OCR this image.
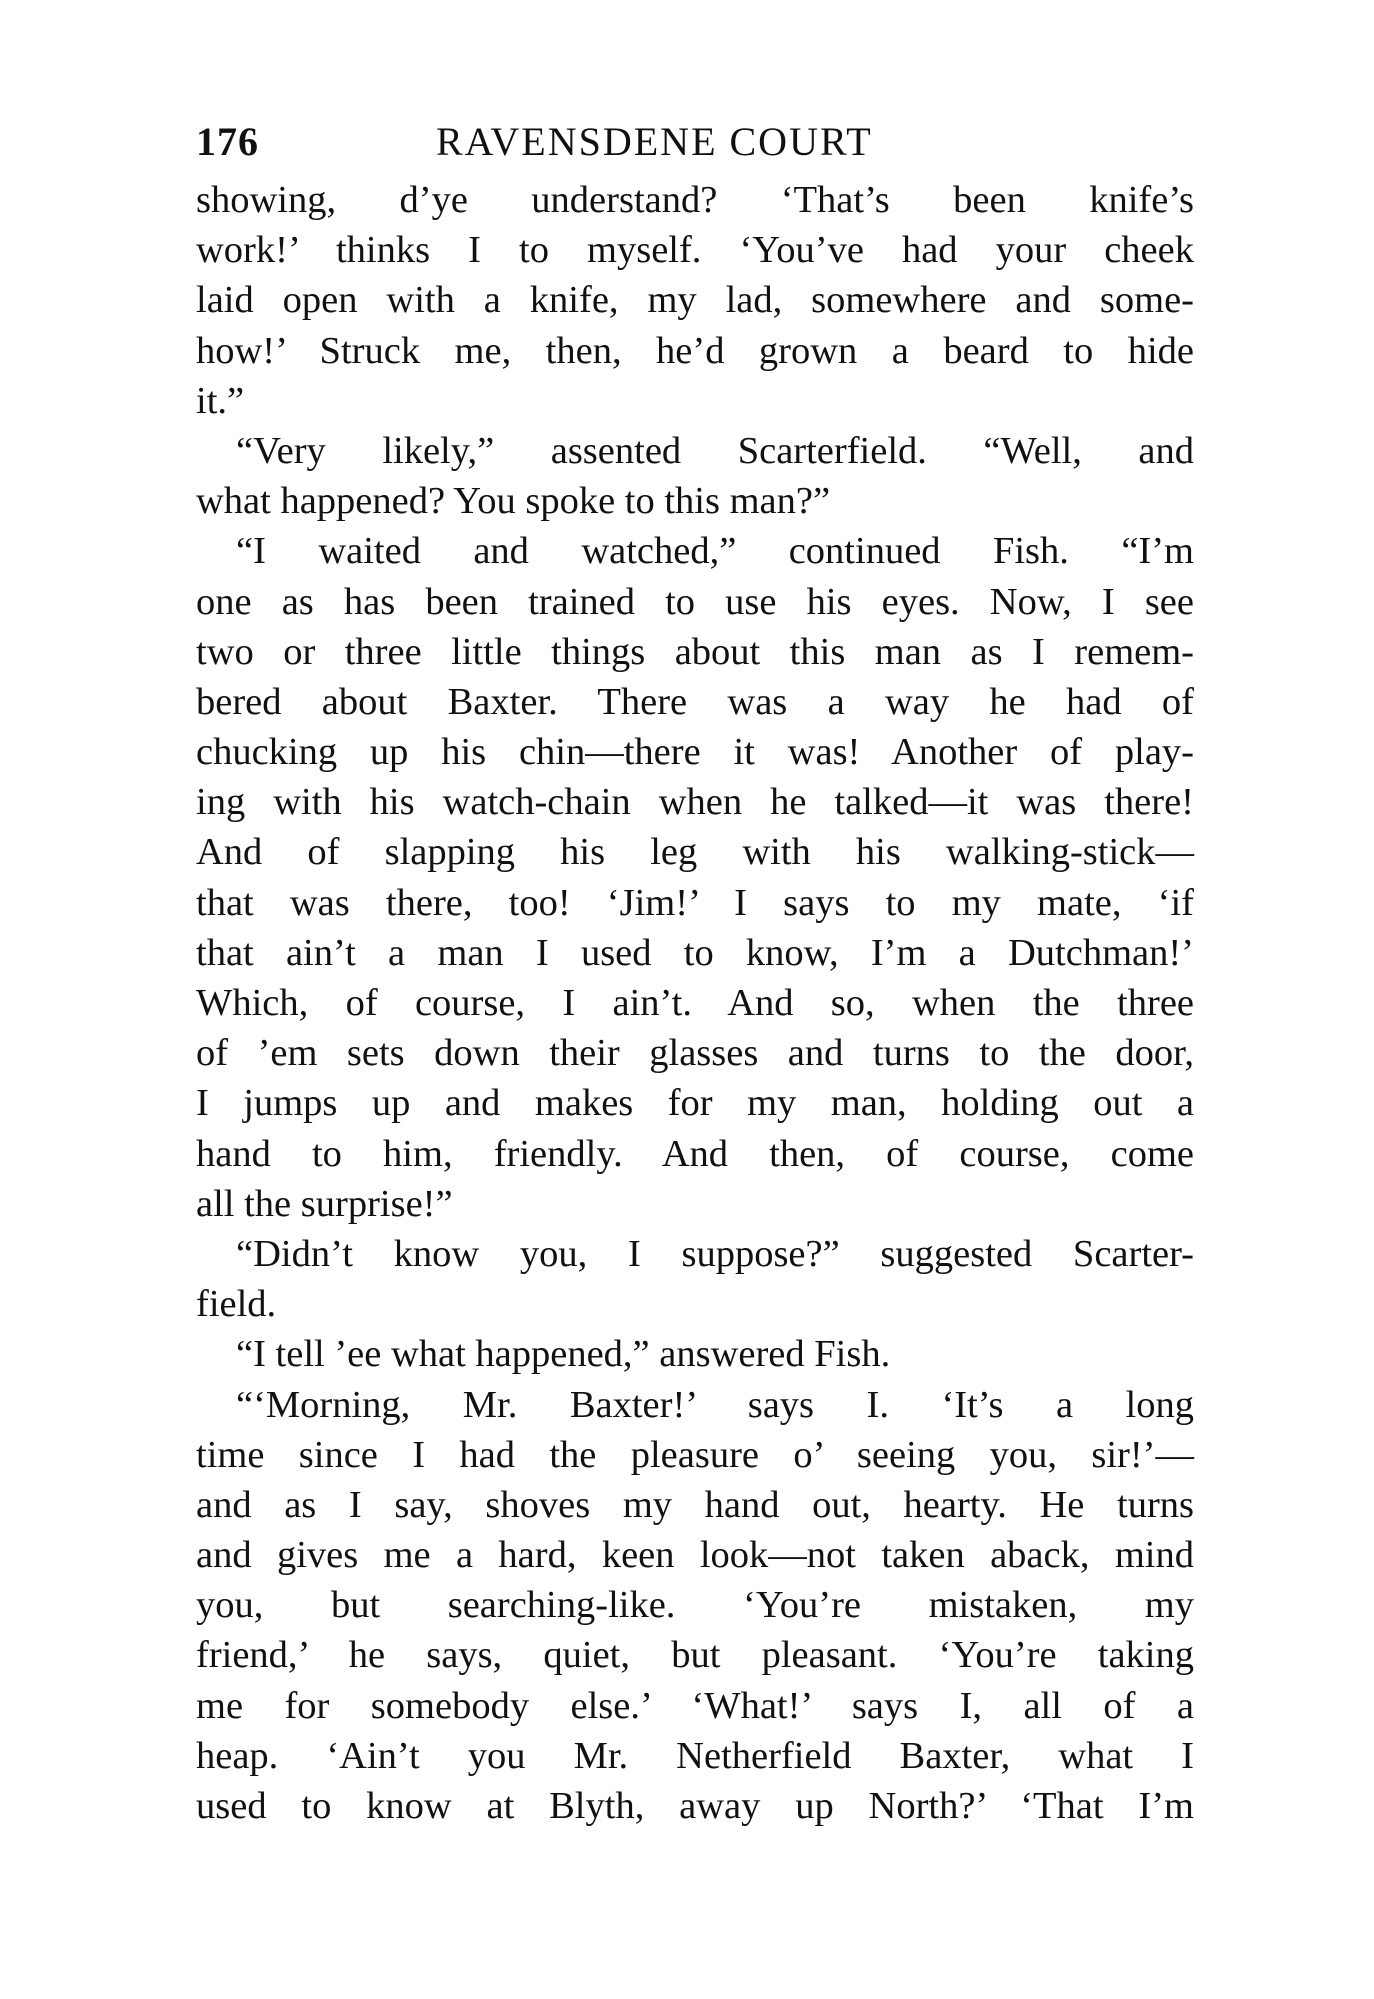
176	RAVENSDENE COURT
showing, d’ye understand? ‘That’s been knife’s
work!’ thinks I to myself. ‘You’ve had your cheek
laid open with a knife, my lad, somewhere and some-
how!’ Struck me, then, he’d grown a beard to hide
it.”
“Very likely,” assented Scarterfield. “Well, and
what happened? You spoke to this man?”
“I waited and watched,” continued Fish. “I’m
one as has been trained to use his eyes. Now, I see
two or three little things about this man as I remem-
bered about Baxter. There was a way he had of
chucking up his chin—there it was! Another of play-
ing with his watch-chain when he talked—it was there!
And of slapping his leg with his walking-stick—
that was there, too! ‘Jim!’ I says to my mate, ‘if
that ain’t a man I used to know, I’m a Dutchman!’
Which, of course, I ain’t. And so, when the three
of ’em sets down their glasses and turns to the door,
I jumps up and makes for my man, holding out a
hand to him, friendly. And then, of course, come
all the surprise!”
“Didn’t know you, I suppose?” suggested Scarter-
field.
“I tell ’ee what happened,” answered Fish.
“‘Morning, Mr. Baxter!’ says I. ‘It’s a long
time since I had the pleasure o’ seeing you, sir!’—
and as I say, shoves my hand out, hearty. He turns
and gives me a hard, keen look—not taken aback, mind
you, but searching-like. ‘You’re mistaken, my
friend,’ he says, quiet, but pleasant. ‘You’re taking
me for somebody else.’ ‘What!’ says I, all of a
heap. ‘Ain’t you Mr. Netherfield Baxter, what I
used to know at Blyth, away up North?’ ‘That I’m
